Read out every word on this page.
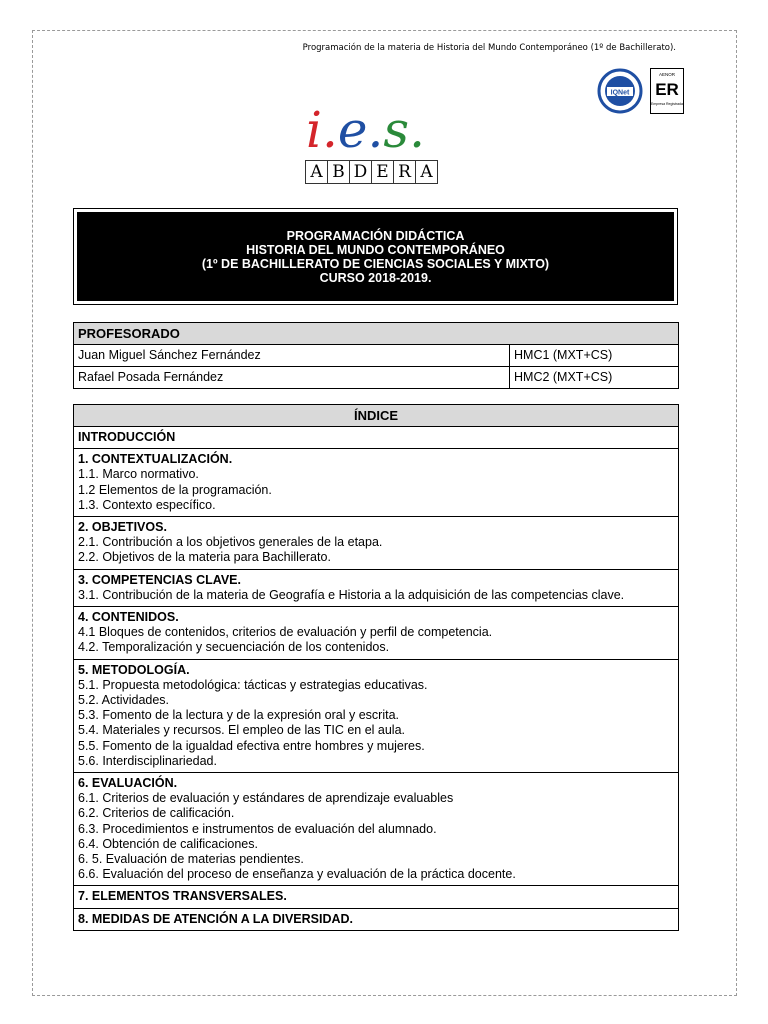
Programación de la materia de Historia del Mundo Contemporáneo (1º de Bachillerato).
IQNet
AENOR
ER
Empresa Registrada
i.e.s.
A B D E R A
PROGRAMACIÓN DIDÁCTICA
HISTORIA DEL MUNDO CONTEMPORÁNEO
(1º DE BACHILLERATO DE CIENCIAS SOCIALES Y MIXTO)
CURSO 2018-2019.
PROFESORADO	
Juan Miguel Sánchez Fernández	HMC1 (MXT+CS)
Rafael Posada Fernández	HMC2 (MXT+CS)
ÍNDICE

INTRODUCCIÓN

1. CONTEXTUALIZACIÓN.
1.1. Marco normativo.
1.2 Elementos de la programación.
1.3. Contexto específico.

2. OBJETIVOS.
2.1. Contribución a los objetivos generales de la etapa.
2.2. Objetivos de la materia para Bachillerato.

3. COMPETENCIAS CLAVE.
3.1. Contribución de la materia de Geografía e Historia a la adquisición de las competencias clave.

4. CONTENIDOS.
4.1 Bloques de contenidos, criterios de evaluación y perfil de competencia.
4.2. Temporalización y secuenciación de los contenidos.

5. METODOLOGÍA.
5.1. Propuesta metodológica: tácticas y estrategias educativas.
5.2. Actividades.
5.3. Fomento de la lectura y de la expresión oral y escrita.
5.4. Materiales y recursos. El empleo de las TIC en el aula.
5.5. Fomento de la igualdad efectiva entre hombres y mujeres.
5.6. Interdisciplinariedad.

6. EVALUACIÓN.
6.1. Criterios de evaluación y estándares de aprendizaje evaluables
6.2. Criterios de calificación.
6.3. Procedimientos e instrumentos de evaluación del alumnado.
6.4. Obtención de calificaciones.
6. 5. Evaluación de materias pendientes.
6.6. Evaluación del proceso de enseñanza y evaluación de la práctica docente.

7. ELEMENTOS TRANSVERSALES.

8. MEDIDAS DE ATENCIÓN A LA DIVERSIDAD.
